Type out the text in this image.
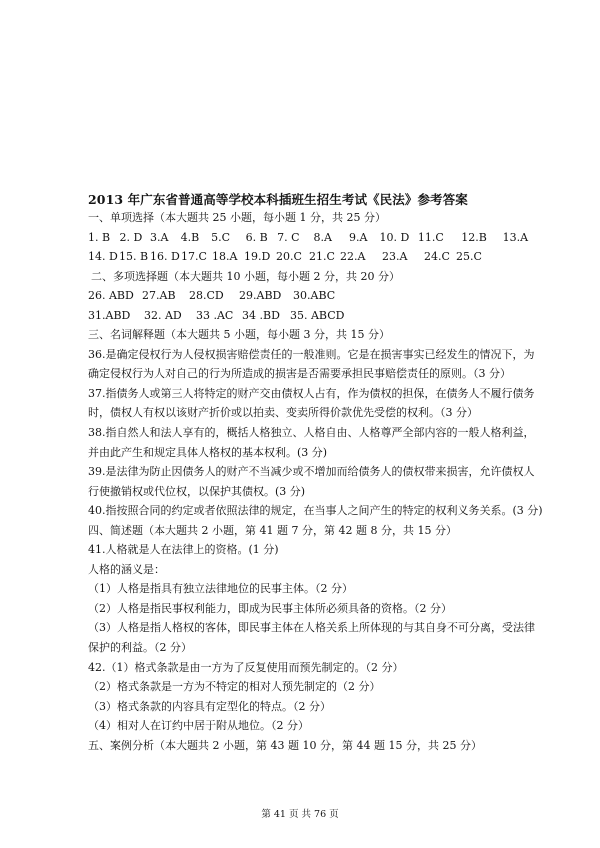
2013 年广东省普通高等学校本科插班生招生考试《民法》参考答案
一、单项选择（本大题共 25 小题，每小题 1 分，共 25 分）
1. B 2. D 3.A	4.B	5.C	6. B 7. C	8.A	9.A	10. D 11.C	12.B	13.A
14. D 15. B 16. D 17.C 18.A 19.D 20.C 21.C 22.A	23.A	24.C 25.C
二、多项选择题（本大题共 10 小题，每小题 2 分，共 20 分）
26. ABD 27.AB	28.CD	29.ABD	30.ABC
31.ABD	32. AD	33 .AC 34 .BD 35. ABCD
三、名词解释题（本大题共 5 小题，每小题 3 分，共 15 分）
36.是确定侵权行为人侵权损害赔偿责任的一般准则。它是在损害事实已经发生的情况下，为
确定侵权行为人对自己的行为所造成的损害是否需要承担民事赔偿责任的原则。（3 分）
37.指债务人或第三人将特定的财产交由债权人占有，作为债权的担保，在债务人不履行债务
时，债权人有权以该财产折价或以拍卖、变卖所得价款优先受偿的权利。（3 分）
38.指自然人和法人享有的，概括人格独立、人格自由、人格尊严全部内容的一般人格利益，
并由此产生和规定具体人格权的基本权利。(3 分)
39.是法律为防止因债务人的财产不当减少或不增加而给债务人的债权带来损害，允许债权人
行使撤销权或代位权，以保护其债权。(3 分)
40.指按照合同的约定或者依照法律的规定，在当事人之间产生的特定的权利义务关系。(3 分)
四、简述题（本大题共 2 小题，第 41 题 7 分，第 42 题 8 分，共 15 分）
41.人格就是人在法律上的资格。(1 分)
人格的涵义是：
（1）人格是指具有独立法律地位的民事主体。（2 分）
（2）人格是指民事权利能力，即成为民事主体所必须具备的资格。（2 分）
（3）人格是指人格权的客体，即民事主体在人格关系上所体现的与其自身不可分离，受法律
保护的利益。（2 分）
42.（1）格式条款是由一方为了反复使用而预先制定的。（2 分）
（2）格式条款是一方为不特定的相对人预先制定的（2 分）
（3）格式条款的内容具有定型化的特点。（2 分）
（4）相对人在订约中居于附从地位。（2 分）
五、案例分析（本大题共 2 小题，第 43 题 10 分，第 44 题 15 分，共 25 分）
第 41 页 共 76 页
